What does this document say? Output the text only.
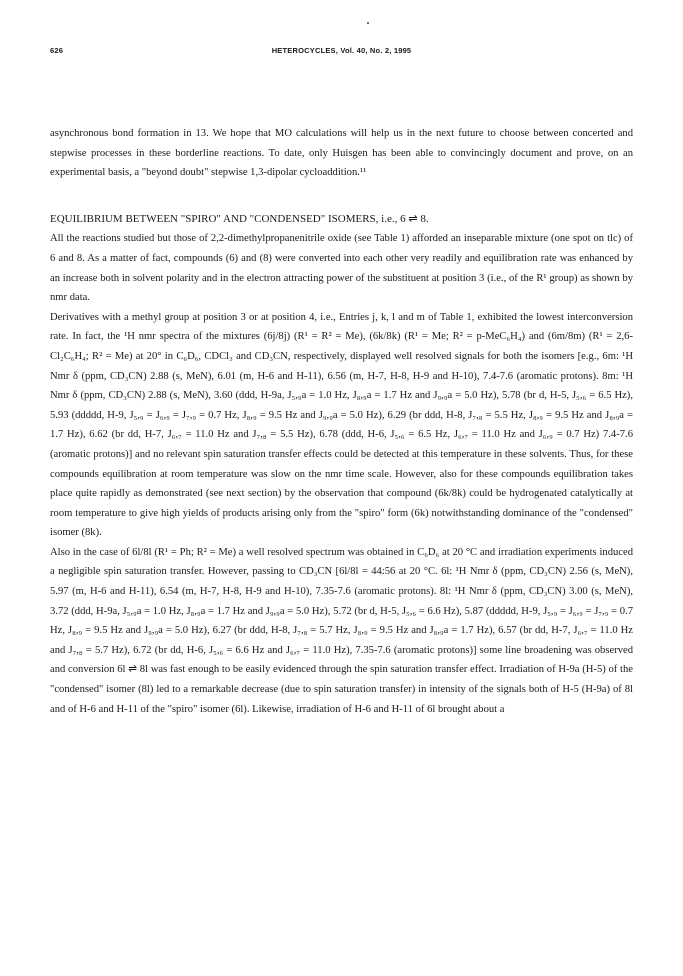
626	HETEROCYCLES, Vol. 40, No. 2, 1995

asynchronous bond formation in 13. We hope that MO calculations will help us in the next future to choose between concerted and stepwise processes in these borderline reactions. To date, only Huisgen has been able to convincingly document and prove, on an experimental basis, a "beyond doubt" stepwise 1,3-dipolar cycloaddition.¹¹

EQUILIBRIUM BETWEEN "SPIRO" AND "CONDENSED" ISOMERS, i.e., 6 ⇌ 8.

All the reactions studied but those of 2,2-dimethylpropanenitrile oxide (see Table 1) afforded an inseparable mixture (one spot on tlc) of 6 and 8. As a matter of fact, compounds (6) and (8) were converted into each other very readily and equilibration rate was enhanced by an increase both in solvent polarity and in the electron attracting power of the substituent at position 3 (i.e., of the R¹ group) as shown by nmr data.

Derivatives with a methyl group at position 3 or at position 4, i.e., Entries j, k, l and m of Table 1, exhibited the lowest interconversion rate. In fact, the ¹H nmr spectra of the mixtures (6j/8j) (R¹ = R² = Me), (6k/8k) (R¹ = Me; R² = p-MeC₆H₄) and (6m/8m) (R¹ = 2,6-Cl₂C₆H₄; R² = Me) at 20° in C₆D₆, CDCl₃ and CD₃CN, respectively, displayed well resolved signals for both the isomers [e.g., 6m: ¹H Nmr δ (ppm, CD₃CN) 2.88 (s, MeN), 6.01 (m, H-6 and H-11), 6.56 (m, H-7, H-8, H-9 and H-10), 7.4-7.6 (aromatic protons). 8m: ¹H Nmr δ (ppm, CD₃CN) 2.88 (s, MeN), 3.60 (ddd, H-9a, J₅,₉a = 1.0 Hz, J₈,₉a = 1.7 Hz and J₉,₉a = 5.0 Hz), 5.78 (br d, H-5, J₅,₆ = 6.5 Hz), 5.93 (ddddd, H-9, J₅,₉ = J₆,₉ = J₇,₉ = 0.7 Hz, J₈,₉ = 9.5 Hz and J₉,₉a = 5.0 Hz), 6.29 (br ddd, H-8, J₇,₈ = 5.5 Hz, J₈,₉ = 9.5 Hz and J₈,₉a = 1.7 Hz), 6.62 (br dd, H-7, J₆,₇ = 11.0 Hz and J₇,₈ = 5.5 Hz), 6.78 (ddd, H-6, J₅,₆ = 6.5 Hz, J₆,₇ = 11.0 Hz and J₆,₉ = 0.7 Hz) 7.4-7.6 (aromatic protons)] and no relevant spin saturation transfer effects could be detected at this temperature in these solvents. Thus, for these compounds equilibration at room temperature was slow on the nmr time scale. However, also for these compounds equilibration takes place quite rapidly as demonstrated (see next section) by the observation that compound (6k/8k) could be hydrogenated catalytically at room temperature to give high yields of products arising only from the "spiro" form (6k) notwithstanding dominance of the "condensed" isomer (8k).

Also in the case of 6l/8l (R¹ = Ph; R² = Me) a well resolved spectrum was obtained in C₆D₆ at 20 °C and irradiation experiments induced a negligible spin saturation transfer. However, passing to CD₃CN [6l/8l = 44:56 at 20 °C. 6l: ¹H Nmr δ (ppm, CD₃CN) 2.56 (s, MeN), 5.97 (m, H-6 and H-11), 6.54 (m, H-7, H-8, H-9 and H-10), 7.35-7.6 (aromatic protons). 8l: ¹H Nmr δ (ppm, CD₃CN) 3.00 (s, MeN), 3.72 (ddd, H-9a, J₅,₉a = 1.0 Hz, J₈,₉a = 1.7 Hz and J₉,₉a = 5.0 Hz), 5.72 (br d, H-5, J₅,₆ = 6.6 Hz), 5.87 (ddddd, H-9, J₅,₉ = J₆,₉ = J₇,₉ = 0.7 Hz, J₈,₉ = 9.5 Hz and J₉,₉a = 5.0 Hz), 6.27 (br ddd, H-8, J₇,₈ = 5.7 Hz, J₈,₉ = 9.5 Hz and J₈,₉a = 1.7 Hz), 6.57 (br dd, H-7, J₆,₇ = 11.0 Hz and J₇,₈ = 5.7 Hz), 6.72 (br dd, H-6, J₅,₆ = 6.6 Hz and J₆,₇ = 11.0 Hz), 7.35-7.6 (aromatic protons)] some line broadening was observed and conversion 6l ⇌ 8l was fast enough to be easily evidenced through the spin saturation transfer effect. Irradiation of H-9a (H-5) of the "condensed" isomer (8l) led to a remarkable decrease (due to spin saturation transfer) in intensity of the signals both of H-5 (H-9a) of 8l and of H-6 and H-11 of the "spiro" isomer (6l). Likewise, irradiation of H-6 and H-11 of 6l brought about a
